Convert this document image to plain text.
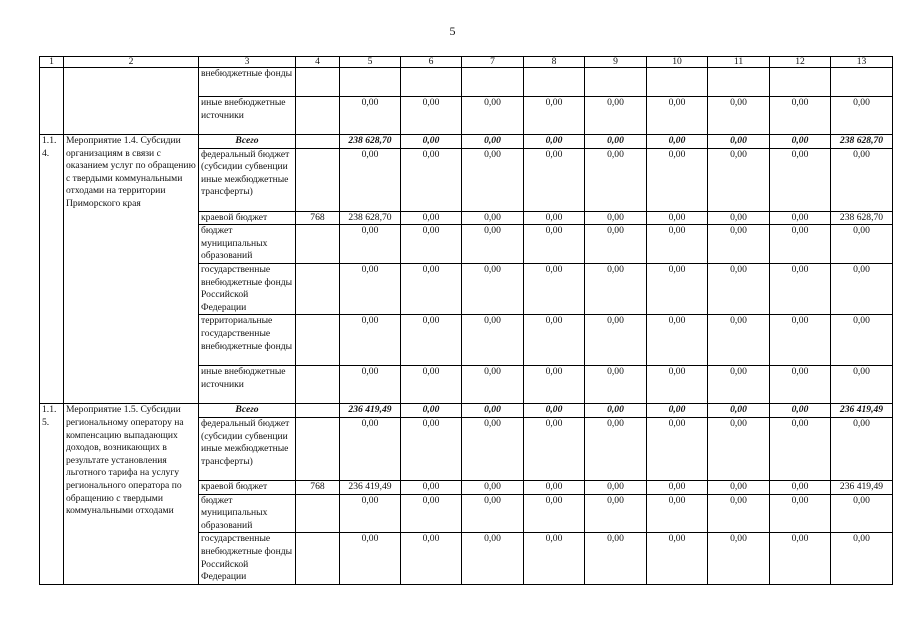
5
1	2	3	4	5	6	7	8	9	10	11	12	13
		внебюджетные фонды										
		иные внебюджетные источники		0,00	0,00	0,00	0,00	0,00	0,00	0,00	0,00	0,00
1.1.4.	Мероприятие 1.4. Субсидии организациям в связи с оказанием услуг по обращению с твердыми коммунальными отходами на территории Приморского края	Всего		238 628,70	0,00	0,00	0,00	0,00	0,00	0,00	0,00	238 628,70
		федеральный бюджет (субсидии субвенции иные межбюджетные трансферты)		0,00	0,00	0,00	0,00	0,00	0,00	0,00	0,00	0,00
		краевой бюджет	768	238 628,70	0,00	0,00	0,00	0,00	0,00	0,00	0,00	238 628,70
		бюджет муниципальных образований		0,00	0,00	0,00	0,00	0,00	0,00	0,00	0,00	0,00
		государственные внебюджетные фонды Российской Федерации		0,00	0,00	0,00	0,00	0,00	0,00	0,00	0,00	0,00
		территориальные государственные внебюджетные фонды		0,00	0,00	0,00	0,00	0,00	0,00	0,00	0,00	0,00
		иные внебюджетные источники		0,00	0,00	0,00	0,00	0,00	0,00	0,00	0,00	0,00
1.1.5.	Мероприятие 1.5. Субсидии региональному оператору на компенсацию выпадающих доходов, возникающих в результате установления льготного тарифа на услугу регионального оператора по обращению с твердыми коммунальными отходами	Всего		236 419,49	0,00	0,00	0,00	0,00	0,00	0,00	0,00	236 419,49
		федеральный бюджет (субсидии субвенции иные межбюджетные трансферты)		0,00	0,00	0,00	0,00	0,00	0,00	0,00	0,00	0,00
		краевой бюджет	768	236 419,49	0,00	0,00	0,00	0,00	0,00	0,00	0,00	236 419,49
		бюджет муниципальных образований		0,00	0,00	0,00	0,00	0,00	0,00	0,00	0,00	0,00
		государственные внебюджетные фонды Российской Федерации		0,00	0,00	0,00	0,00	0,00	0,00	0,00	0,00	0,00
